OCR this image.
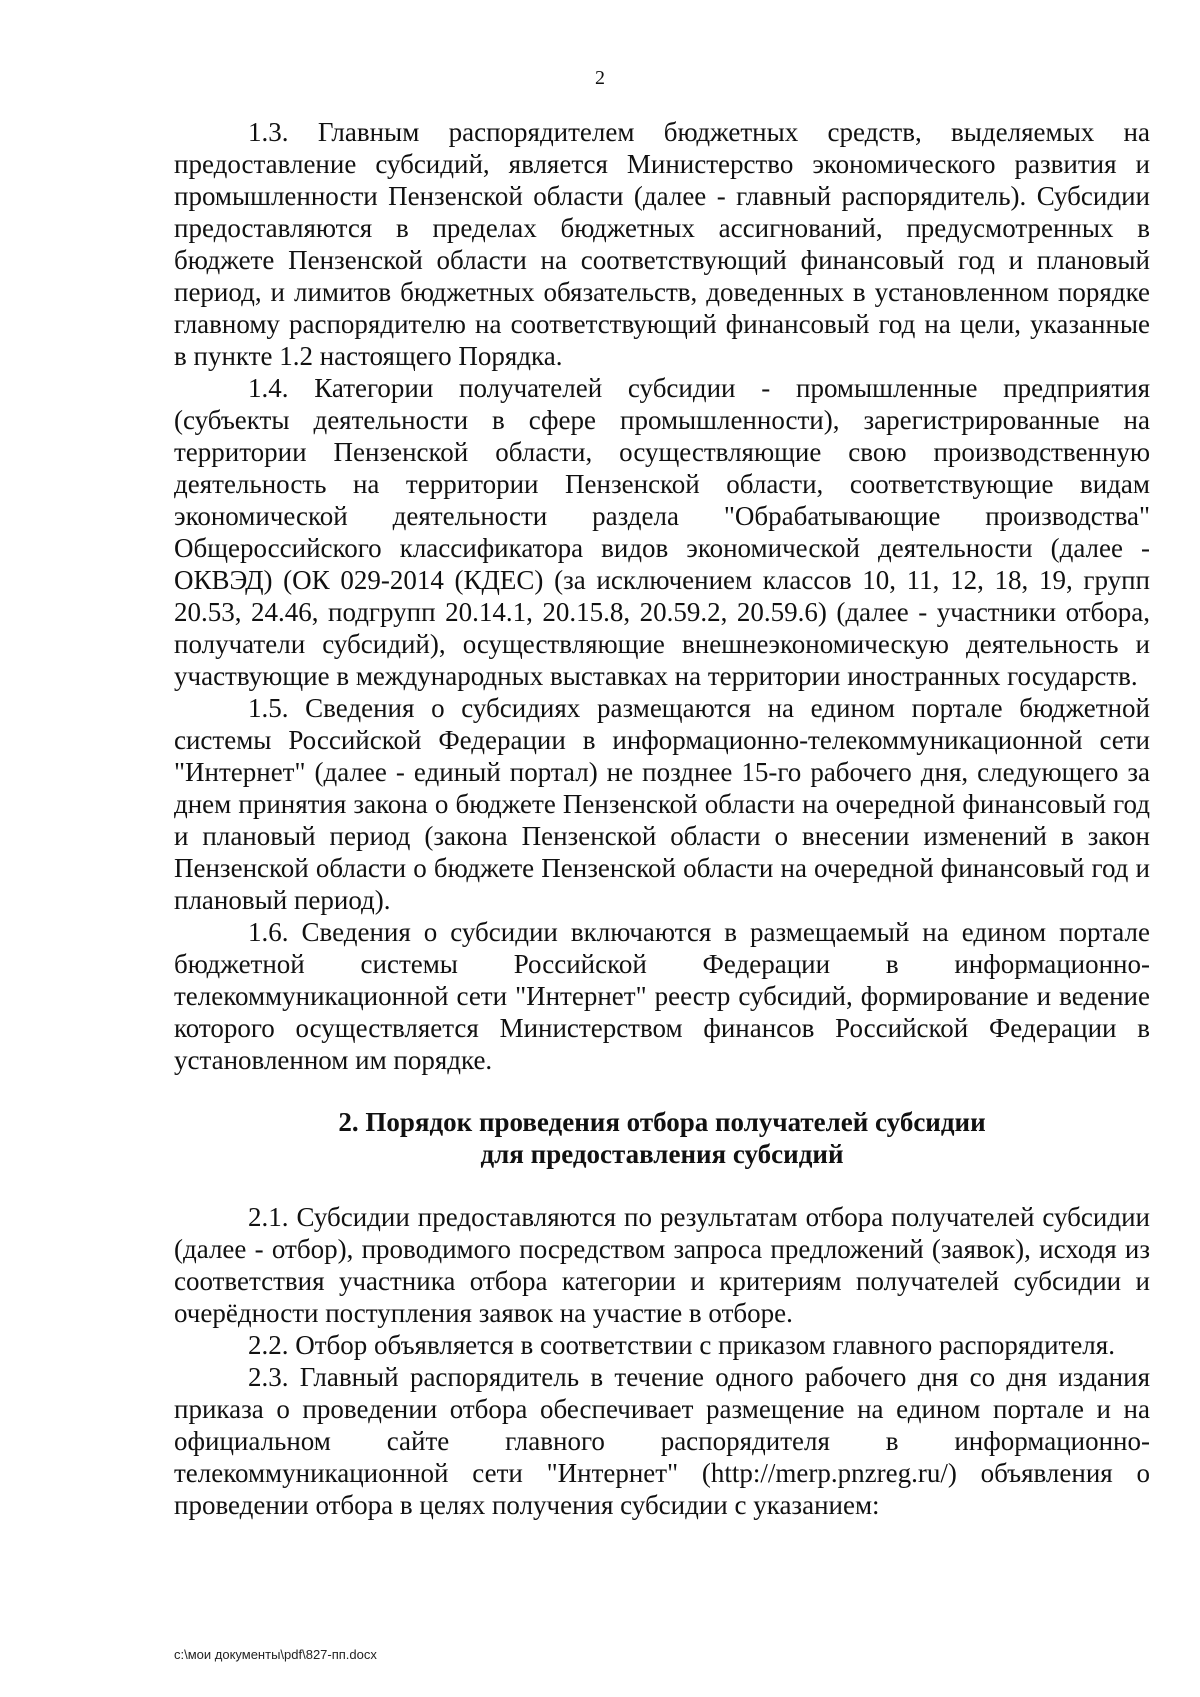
2

1.3. Главным распорядителем бюджетных средств, выделяемых на предоставление субсидий, является Министерство экономического развития и промышленности Пензенской области (далее - главный распорядитель). Субсидии предоставляются в пределах бюджетных ассигнований, предусмотренных в бюджете Пензенской области на соответствующий финансовый год и плановый период, и лимитов бюджетных обязательств, доведенных в установленном порядке главному распорядителю на соответствующий финансовый год на цели, указанные в пункте 1.2 настоящего Порядка.

1.4. Категории получателей субсидии - промышленные предприятия (субъекты деятельности в сфере промышленности), зарегистрированные на территории Пензенской области, осуществляющие свою производственную деятельность на территории Пензенской области, соответствующие видам экономической деятельности раздела "Обрабатывающие производства" Общероссийского классификатора видов экономической деятельности (далее - ОКВЭД) (ОК 029-2014 (КДЕС) (за исключением классов 10, 11, 12, 18, 19, групп 20.53, 24.46, подгрупп 20.14.1, 20.15.8, 20.59.2, 20.59.6) (далее - участники отбора, получатели субсидий), осуществляющие внешнеэкономическую деятельность и участвующие в международных выставках на территории иностранных государств.

1.5. Сведения о субсидиях размещаются на едином портале бюджетной системы Российской Федерации в информационно-телекоммуникационной сети "Интернет" (далее - единый портал) не позднее 15-го рабочего дня, следующего за днем принятия закона о бюджете Пензенской области на очередной финансовый год и плановый период (закона Пензенской области о внесении изменений в закон Пензенской области о бюджете Пензенской области на очередной финансовый год и плановый период).

1.6. Сведения о субсидии включаются в размещаемый на едином портале бюджетной системы Российской Федерации в информационно-телекоммуникационной сети "Интернет" реестр субсидий, формирование и ведение которого осуществляется Министерством финансов Российской Федерации в установленном им порядке.

2. Порядок проведения отбора получателей субсидии
для предоставления субсидий

2.1. Субсидии предоставляются по результатам отбора получателей субсидии (далее - отбор), проводимого посредством запроса предложений (заявок), исходя из соответствия участника отбора категории и критериям получателей субсидии и очерёдности поступления заявок на участие в отборе.

2.2. Отбор объявляется в соответствии с приказом главного распорядителя.

2.3. Главный распорядитель в течение одного рабочего дня со дня издания приказа о проведении отбора обеспечивает размещение на едином портале и на официальном сайте главного распорядителя в информационно-телекоммуникационной сети "Интернет" (http://merp.pnzreg.ru/) объявления о проведении отбора в целях получения субсидии с указанием:

c:\мои документы\pdf\827-пп.docx
